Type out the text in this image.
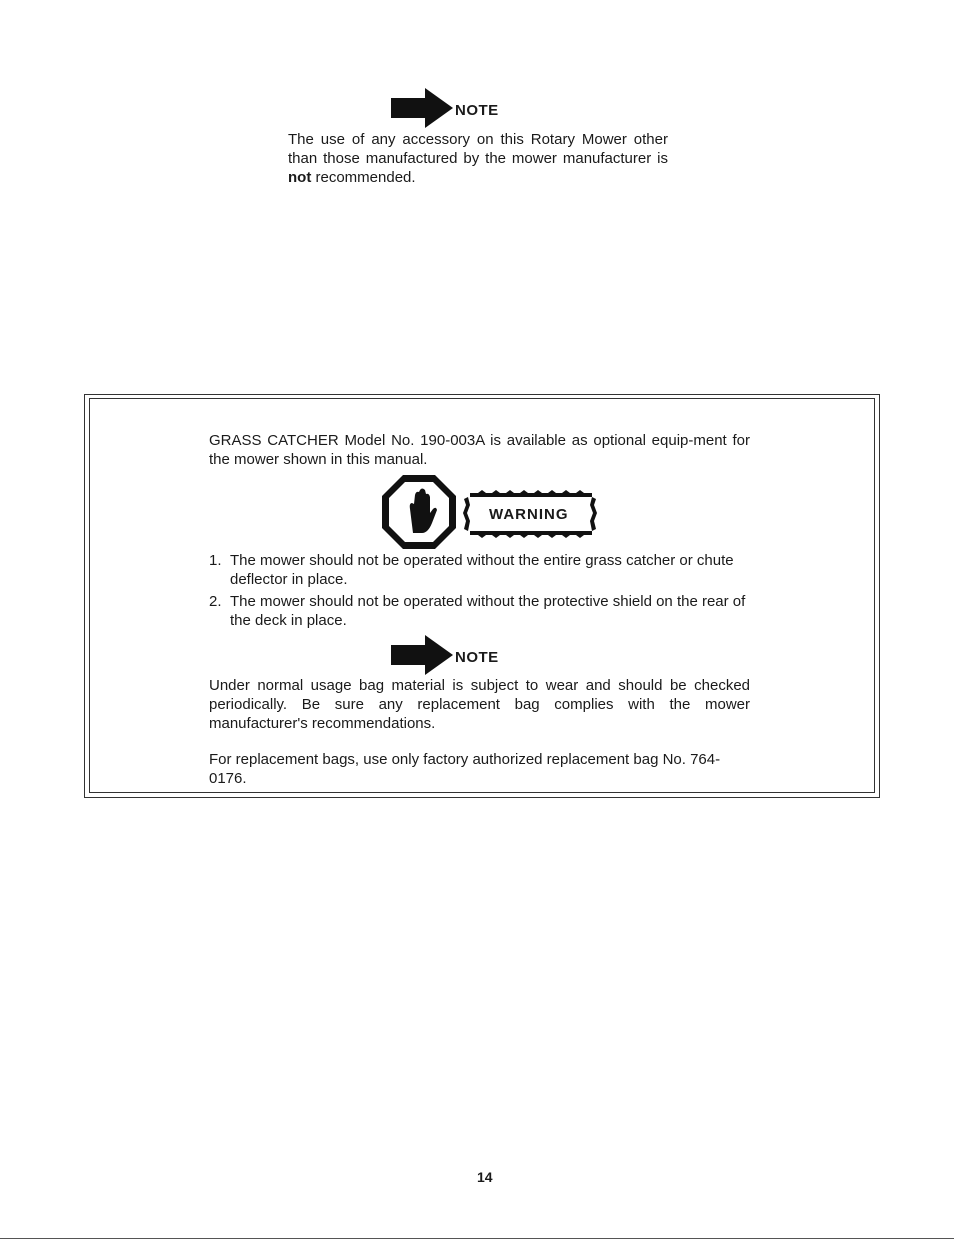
NOTE

The use of any accessory on this Rotary Mower other than those manufactured by the mower manufacturer is not recommended.

GRASS CATCHER Model No. 190-003A is available as optional equip-ment for the mower shown in this manual.

WARNING
1. The mower should not be operated without the entire grass catcher or chute deflector in place.
2. The mower should not be operated without the protective shield on the rear of the deck in place.
NOTE

Under normal usage bag material is subject to wear and should be checked periodically. Be sure any replacement bag complies with the mower manufacturer's recommendations.

For replacement bags, use only factory authorized replacement bag No. 764-0176.

14
